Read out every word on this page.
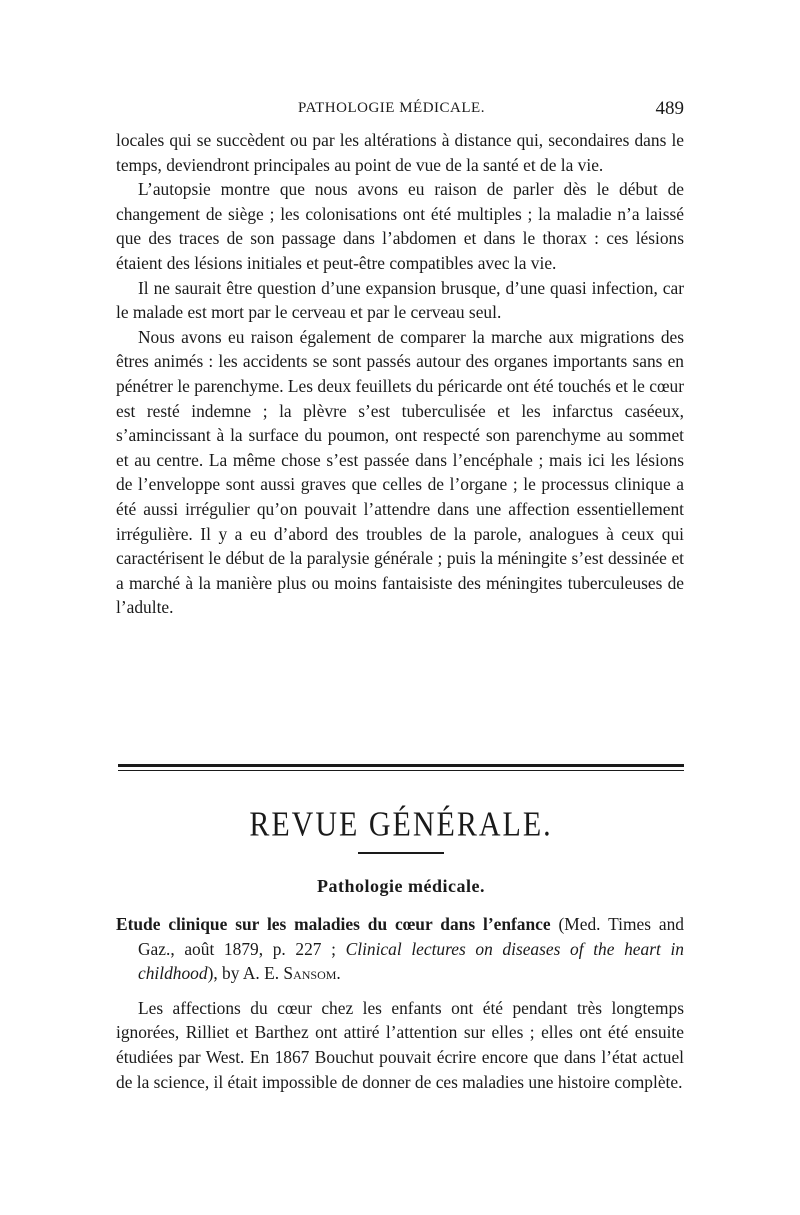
PATHOLOGIE MÉDICALE.	489

locales qui se succèdent ou par les altérations à distance qui, secondaires dans le temps, deviendront principales au point de vue de la santé et de la vie.

L’autopsie montre que nous avons eu raison de parler dès le début de changement de siège ; les colonisations ont été multiples ; la maladie n’a laissé que des traces de son passage dans l’abdomen et dans le thorax : ces lésions étaient des lésions initiales et peut-être compatibles avec la vie.

Il ne saurait être question d’une expansion brusque, d’une quasi infection, car le malade est mort par le cerveau et par le cerveau seul.

Nous avons eu raison également de comparer la marche aux migrations des êtres animés : les accidents se sont passés autour des organes importants sans en pénétrer le parenchyme. Les deux feuillets du péricarde ont été touchés et le cœur est resté indemne ; la plèvre s’est tuberculisée et les infarctus caséeux, s’amincissant à la surface du poumon, ont respecté son parenchyme au sommet et au centre. La même chose s’est passée dans l’encéphale ; mais ici les lésions de l’enveloppe sont aussi graves que celles de l’organe ; le processus clinique a été aussi irrégulier qu’on pouvait l’attendre dans une affection essentiellement irrégulière. Il y a eu d’abord des troubles de la parole, analogues à ceux qui caractérisent le début de la paralysie générale ; puis la méningite s’est dessinée et a marché à la manière plus ou moins fantaisiste des méningites tuberculeuses de l’adulte.

REVUE GÉNÉRALE.
Pathologie médicale.

Etude clinique sur les maladies du cœur dans l’enfance (Med. Times and Gaz., août 1879, p. 227 ; Clinical lectures on diseases of the heart in childhood), by A. E. Sansom.

Les affections du cœur chez les enfants ont été pendant très longtemps ignorées, Rilliet et Barthez ont attiré l’attention sur elles ; elles ont été ensuite étudiées par West. En 1867 Bouchut pouvait écrire encore que dans l’état actuel de la science, il était impossible de donner de ces maladies une histoire complète.
